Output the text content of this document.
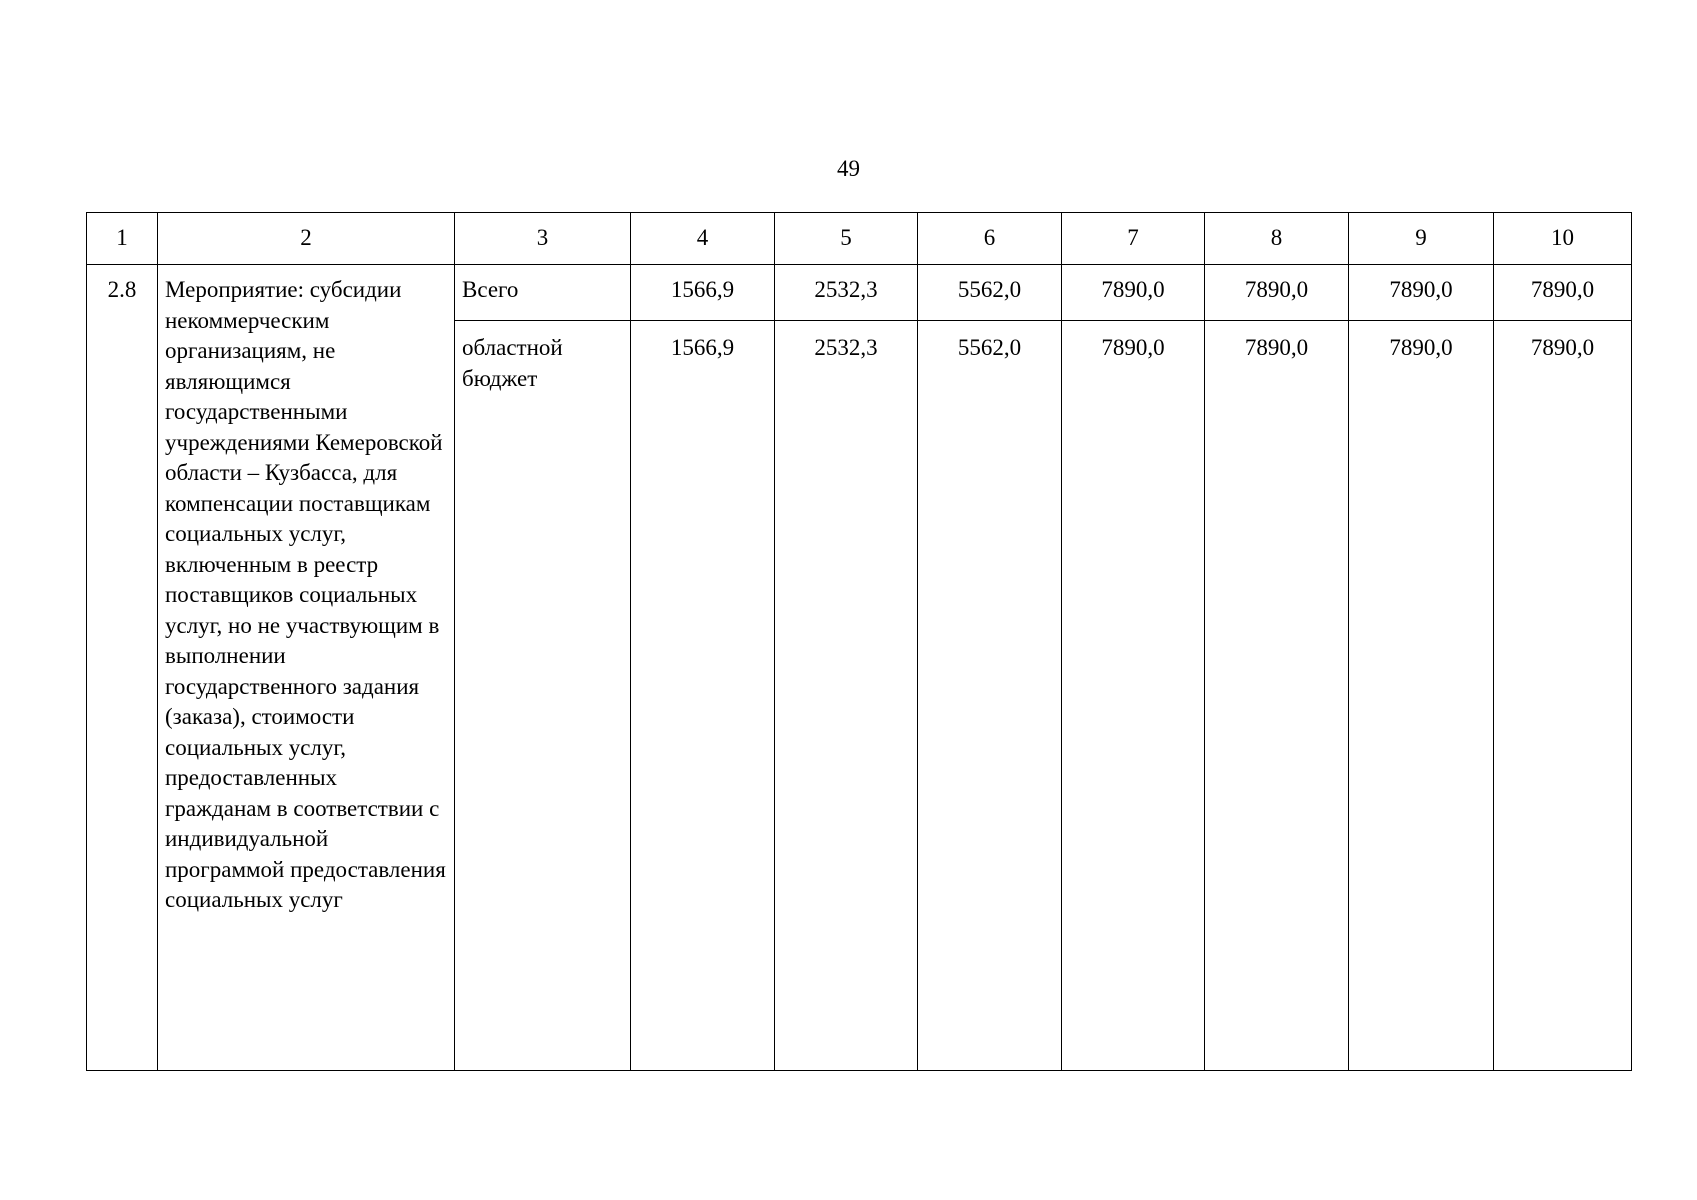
49
1	2	3	4	5	6	7	8	9	10
2.8	Мероприятие: субсидии некоммерческим организациям, не являющимся государственными учреждениями Кемеровской области – Кузбасса, для компенсации поставщикам социальных услуг, включенным в реестр поставщиков социальных услуг, но не участвующим в выполнении государственного задания (заказа), стоимости социальных услуг, предоставленных гражданам в соответствии с индивидуальной программой предоставления социальных услуг	Всего	1566,9	2532,3	5562,0	7890,0	7890,0	7890,0	7890,0
		областной бюджет	1566,9	2532,3	5562,0	7890,0	7890,0	7890,0	7890,0
